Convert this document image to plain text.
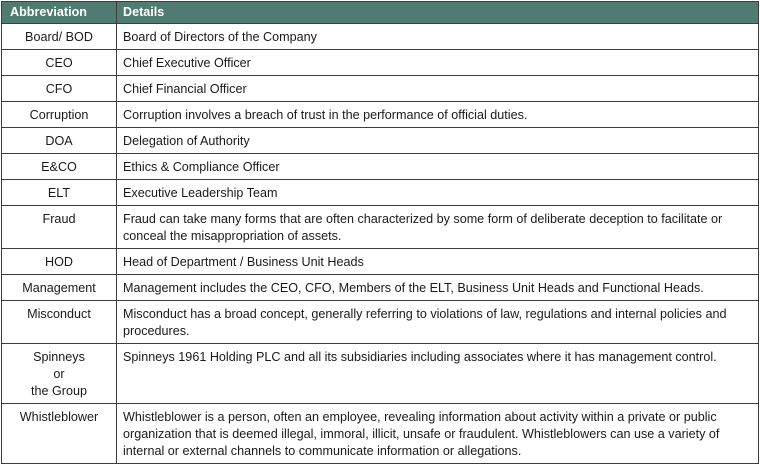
Abbreviation	Details

Board/ BOD	Board of Directors of the Company

CEO	Chief Executive Officer

CFO	Chief Financial Officer

Corruption	Corruption involves a breach of trust in the performance of official duties.

DOA	Delegation of Authority

E&CO	Ethics & Compliance Officer

ELT	Executive Leadership Team

Fraud	Fraud can take many forms that are often characterized by some form of deliberate deception to facilitate or
conceal the misappropriation of assets.

HOD	Head of Department / Business Unit Heads

Management	Management includes the CEO, CFO, Members of the ELT, Business Unit Heads and Functional Heads.

Misconduct	Misconduct has a broad concept, generally referring to violations of law, regulations and internal policies and
procedures.

Spinneys
or
the Group	Spinneys 1961 Holding PLC and all its subsidiaries including associates where it has management control.

Whistleblower	Whistleblower is a person, often an employee, revealing information about activity within a private or public
organization that is deemed illegal, immoral, illicit, unsafe or fraudulent. Whistleblowers can use a variety of
internal or external channels to communicate information or allegations.
